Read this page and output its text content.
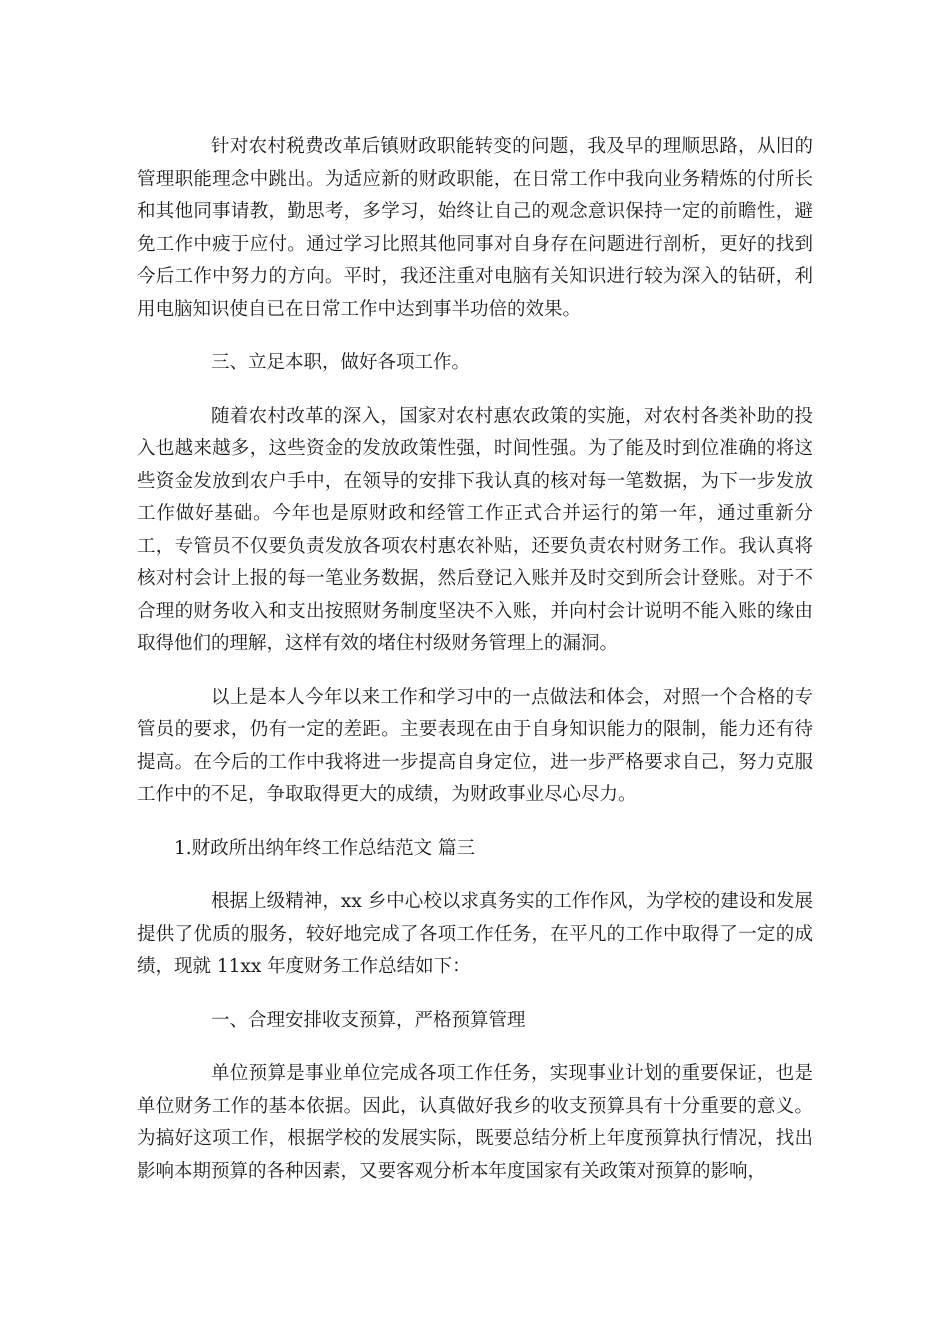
针对农村税费改革后镇财政职能转变的问题，我及早的理顺思路，从旧的管理职能理念中跳出。为适应新的财政职能，在日常工作中我向业务精炼的付所长和其他同事请教，勤思考，多学习，始终让自己的观念意识保持一定的前瞻性，避免工作中疲于应付。通过学习比照其他同事对自身存在问题进行剖析，更好的找到今后工作中努力的方向。平时，我还注重对电脑有关知识进行较为深入的钻研，利用电脑知识使自已在日常工作中达到事半功倍的效果。

三、立足本职，做好各项工作。

随着农村改革的深入，国家对农村惠农政策的实施，对农村各类补助的投入也越来越多，这些资金的发放政策性强，时间性强。为了能及时到位准确的将这些资金发放到农户手中，在领导的安排下我认真的核对每一笔数据，为下一步发放工作做好基础。今年也是原财政和经管工作正式合并运行的第一年，通过重新分工，专管员不仅要负责发放各项农村惠农补贴，还要负责农村财务工作。我认真将核对村会计上报的每一笔业务数据，然后登记入账并及时交到所会计登账。对于不合理的财务收入和支出按照财务制度坚决不入账，并向村会计说明不能入账的缘由取得他们的理解，这样有效的堵住村级财务管理上的漏洞。

以上是本人今年以来工作和学习中的一点做法和体会，对照一个合格的专管员的要求，仍有一定的差距。主要表现在由于自身知识能力的限制，能力还有待提高。在今后的工作中我将进一步提高自身定位，进一步严格要求自己，努力克服工作中的不足，争取取得更大的成绩，为财政事业尽心尽力。

1.财政所出纳年终工作总结范文 篇三

根据上级精神，xx 乡中心校以求真务实的工作作风，为学校的建设和发展提供了优质的服务，较好地完成了各项工作任务，在平凡的工作中取得了一定的成绩，现就 11xx 年度财务工作总结如下：

一、合理安排收支预算，严格预算管理

单位预算是事业单位完成各项工作任务，实现事业计划的重要保证，也是单位财务工作的基本依据。因此，认真做好我乡的收支预算具有十分重要的意义。为搞好这项工作，根据学校的发展实际，既要总结分析上年度预算执行情况，找出影响本期预算的各种因素，又要客观分析本年度国家有关政策对预算的影响，
